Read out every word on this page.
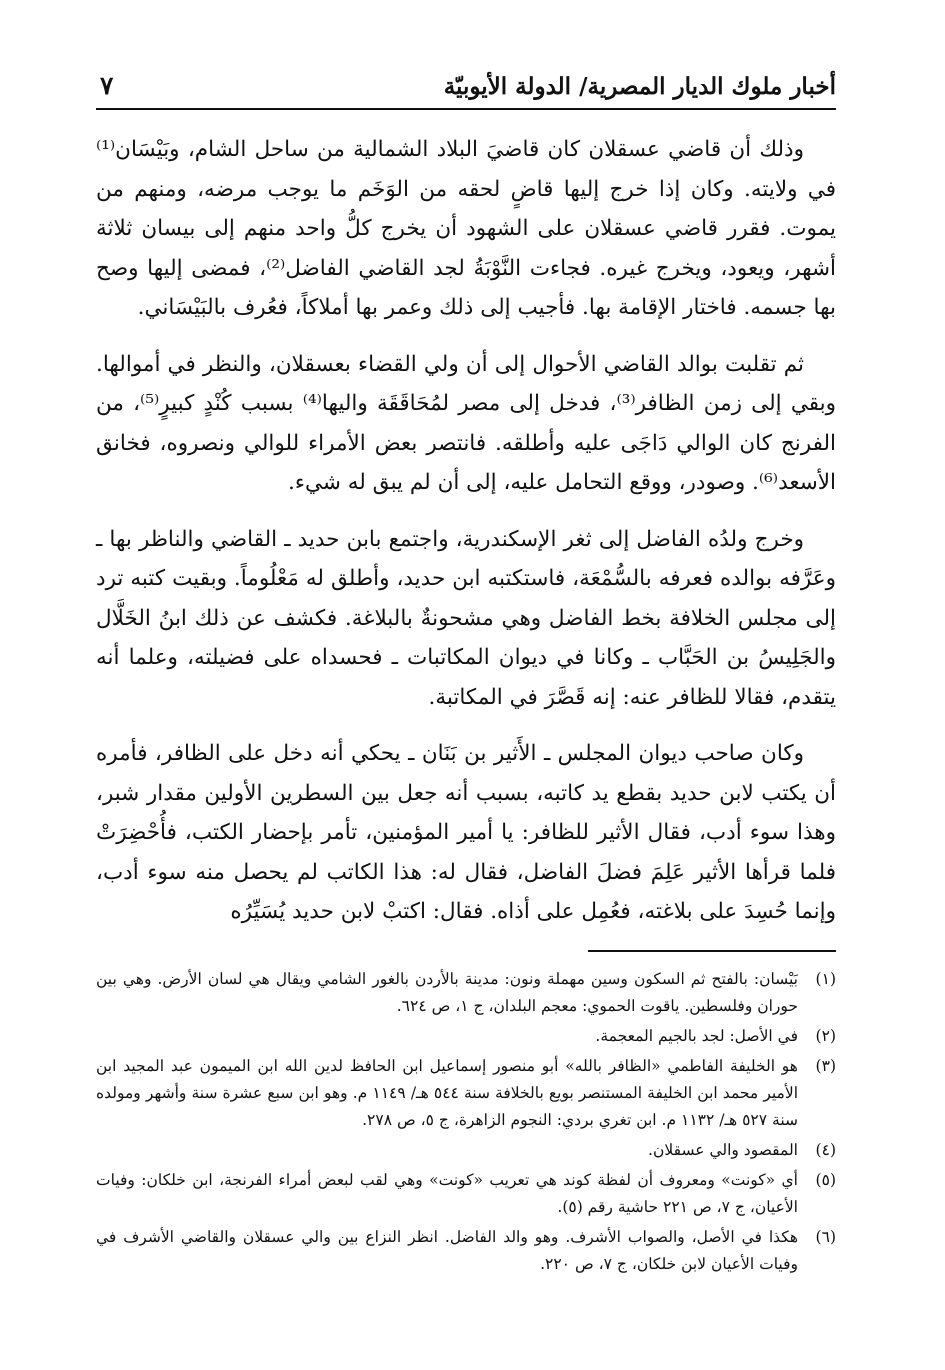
أخبار ملوك الديار المصرية/ الدولة الأيوبيّة
٧

وذلك أن قاضي عسقلان كان قاضيَ البلاد الشمالية من ساحل الشام، وبَيْسَان⁽¹⁾ في ولايته. وكان إذا خرج إليها قاضٍ لحقه من الوَخَم ما يوجب مرضه، ومنهم من يموت. فقرر قاضي عسقلان على الشهود أن يخرج كلُّ واحد منهم إلى بيسان ثلاثة أشهر، ويعود، ويخرج غيره. فجاءت النَّوْبَةُ لجد القاضي الفاضل⁽²⁾، فمضى إليها وصح بها جسمه. فاختار الإقامة بها. فأجيب إلى ذلك وعمر بها أملاكاً، فعُرف بالبَيْسَاني.

ثم تقلبت بوالد القاضي الأحوال إلى أن ولي القضاء بعسقلان، والنظر في أموالها. وبقي إلى زمن الظافر⁽³⁾، فدخل إلى مصر لمُحَاقَقَة واليها⁽⁴⁾ بسبب كُنْدٍ كبيرٍ⁽⁵⁾، من الفرنج كان الوالي دَاجَى عليه وأطلقه. فانتصر بعض الأمراء للوالي ونصروه، فخانق الأسعد⁽⁶⁾. وصودر، ووقع التحامل عليه، إلى أن لم يبق له شيء.

وخرج ولدُه الفاضل إلى ثغر الإسكندرية، واجتمع بابن حديد ـ القاضي والناظر بها ـ وعَرَّفه بوالده فعرفه بالسُّمْعَة، فاستكتبه ابن حديد، وأطلق له مَعْلُوماً. وبقيت كتبه ترد إلى مجلس الخلافة بخط الفاضل وهي مشحونةٌ بالبلاغة. فكشف عن ذلك ابنُ الخَلَّال والجَلِيسُ بن الحَبَّاب ـ وكانا في ديوان المكاتبات ـ فحسداه على فضيلته، وعلما أنه يتقدم، فقالا للظافر عنه: إنه قَصَّرَ في المكاتبة.

وكان صاحب ديوان المجلس ـ الأَثير بن بَنَان ـ يحكي أنه دخل على الظافر، فأمره أن يكتب لابن حديد بقطع يد كاتبه، بسبب أنه جعل بين السطرين الأولين مقدار شبر، وهذا سوء أدب، فقال الأثير للظافر: يا أمير المؤمنين، تأمر بإحضار الكتب، فأُحْضِرَتْ فلما قرأها الأثير عَلِمَ فضلَ الفاضل، فقال له: هذا الكاتب لم يحصل منه سوء أدب، وإنما حُسِدَ على بلاغته، فعُمِل على أذاه. فقال: اكتبْ لابن حديد يُسَيِّرُه

(١)
بَيْسان: بالفتح ثم السكون وسين مهملة ونون: مدينة بالأردن بالغور الشامي ويقال هي لسان الأرض. وهي بين حوران وفلسطين. ياقوت الحموي: معجم البلدان، ج ١، ص ٦٢٤.
(٢)
في الأصل: لجد بالجيم المعجمة.
(٣)
هو الخليفة الفاطمي «الظافر بالله» أبو منصور إسماعيل ابن الحافظ لدين الله ابن الميمون عبد المجيد ابن الأمير محمد ابن الخليفة المستنصر بويع بالخلافة سنة ٥٤٤ هـ/ ١١٤٩ م. وهو ابن سبع عشرة سنة وأشهر ومولده سنة ٥٢٧ هـ/ ١١٣٢ م. ابن تغري بردي: النجوم الزاهرة، ج ٥، ص ٢٧٨.
(٤)
المقصود والي عسقلان.
(٥)
أي «كونت» ومعروف أن لفظة كوند هي تعريب «كونت» وهي لقب لبعض أمراء الفرنجة، ابن خلكان: وفيات الأعيان، ج ٧، ص ٢٢١ حاشية رقم (٥).
(٦)
هكذا في الأصل، والصواب الأشرف. وهو والد الفاضل. انظر النزاع بين والي عسقلان والقاضي الأشرف في وفيات الأعيان لابن خلكان، ج ٧، ص ٢٢٠.
